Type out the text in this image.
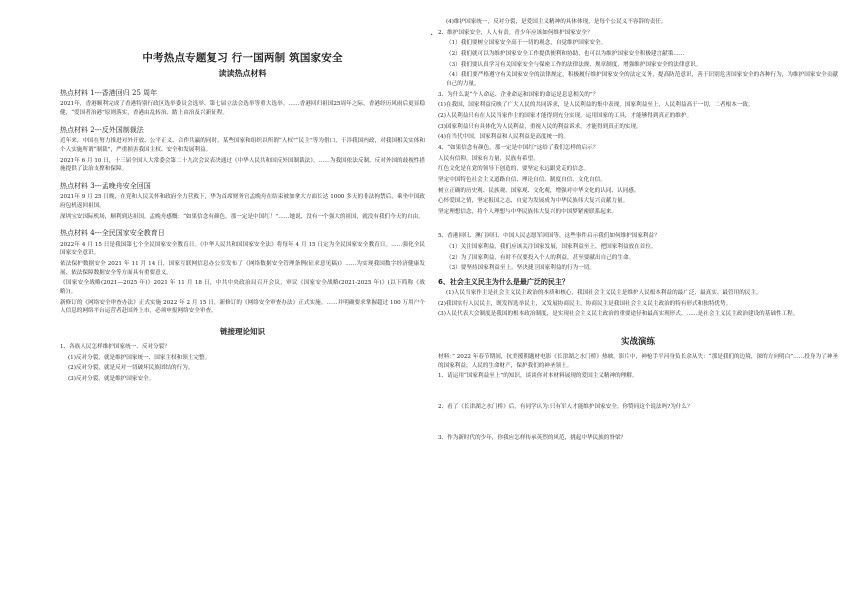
·
中考热点专题复习 行一国两制 筑国家安全
读读热点材料
热点材料 1---香港回归 25 周年
2021年，香港顺利完成了香港特别行政区选举委员会选举、第七届立法会选举等重大选举。……香港回归祖国25周年之际，香港经历风雨后更显稳健，“爱国者治港”原则落实，香港由乱转治、踏上由治及兴新征程。
热点材料 2---反外国制裁法
近年来，中国在努力推进对外开放、公平正义、合作共赢的同时，某些国家和组织以所谓“人权”“民主”等为借口，干涉我国内政，对我国相关实体和个人实施所谓“制裁”，严重损害我国主权、安全和发展利益。
2021年 6 月 10 日，十三届全国人大常委会第二十九次会议表决通过《中华人民共和国反外国制裁法》。……为我国依法反制、反对外国的歧视性措施提供了法治支撑和保障。
热点材料 3---孟晚舟安全回国
2021年 9 月 25 日晚，在党和人民关怀和政府全力营救下，华为首席财务官孟晚舟在结束被加拿大方面长达 1000 多天的非法拘禁后，乘坐中国政府包机返回祖国。
深圳宝安国际机场，顺利到达祖国。孟晚舟感慨：“如果信念有颜色，那一定是中国红！”……她说，没有一个强大的祖国，就没有我们今天的自由。
热点材料 4---全民国家安全教育日
2022年 4 月 15 日是我国第七个全民国家安全教育日。《中华人民共和国国家安全法》将每年 4 月 15 日定为全民国家安全教育日。……强化全民国家安全意识。
依法保护数据安全 2021 年 11 月 14 日，国家互联网信息办公室发布了《网络数据安全管理条例(征求意见稿)》……为实现我国数字经济健康发展、依法保障数据安全等方面具有重要意义。
《国家安全战略(2021—2025 年)》2021 年 11 月 18 日，中共中央政治局召开会议，审议《国家安全战略(2021-2025 年)》(以下简称《战略》)。
新修订的《网络安全审查办法》正式实施 2022 年 2 月 15 日，新修订的《网络安全审查办法》正式实施。……并明确要求掌握超过 100 万用户个人信息的网络平台运营者赴国外上市，必须申报网络安全审查。
链接理论知识
1、各族人民怎样维护国家统一、反对分裂？
(1)反对分裂，就是维护国家统一、国家主权和领土完整。
(2)反对分裂，就是反对一切破坏民族团结的行为。
(3)反对分裂，就是维护国家安全。
(4)维护国家统一，反对分裂，是爱国主义精神的具体体现，是每个公民义不容辞的责任。
2、维护国家安全，人人有责。青少年应该如何维护国家安全？
（1）我们要树立国家安全高于一切的观念，自觉维护国家安全。
（2）我们就可以为维护国家安全工作提供便利和协助，也可以为维护国家安全积极建言献策……
（3）我们要认真学习有关国家安全与保密工作的法律法规、规章制度，增强维护国家安全的法律意识。
（4）我们要严格遵守有关国家安全的法律规定，积极履行维护国家安全的法定义务，提高防范意识，善于识别危害国家安全的各种行为，为维护国家安全贡献自己的力量。
3、为什么说“个人命运、企业命运和国家的命运是息息相关的”？
(1)在我国，国家利益反映了广大人民的共同诉求，是人民利益的集中表现。国家利益至上，人民利益高于一切，二者根本一致。
(2)人民利益只有在人民当家作主的国家才能得到充分实现，运用国家的工具，才能够得到真正的维护。
(3)国家利益只有具体化为人民利益，重视人民的利益诉求，才能得到真正的实现。
(4)在当代中国，国家利益和人民利益是高度统一的。
4、“如果信念有颜色，那一定是中国红”这给了我们怎样的启示？
人民有信仰，国家有力量，民族有希望。
红色文化是在党的领导下创造的，要坚定永远跟党走的信念。
坚定中国特色社会主义道路自信、理论自信、制度自信、文化自信。
树立正确的历史观、民族观、国家观、文化观，增强对中华文化的认同、认同感。
心怀爱国之情，坚定报国之志，自觉为发展成为中华民族伟大复兴贡献力量。
坚定理想信念，将个人理想与中华民族伟大复兴的中国梦紧密联系起来。
5、香港回归、澳门回归、中国人民志愿军回国等，这些事件启示我们如何维护国家利益？
（1）关注国家利益，我们应该关注国家发展，国家利益至上，把国家利益放在首位。
（2）为了国家利益，有时不仅要投入个人的利益，甚至要献出自己的生命。
（3）要坚持国家利益至上，坚决捷卫国家利益的行为一切。
6、社会主义民主为什么是最广泛的民主？
(1)人民当家作主是社会主义民主政治的本质和核心，我国社会主义民主是维护人民根本利益的最广泛、最真实、最管用的民主。
(2)我国实行人民民主，既发挥选举民主，又发展协商民主。协商民主是我国社会主义民主政治的特有形式和独特优势。
(3)人民代表大会制度是我国的根本政治制度，是实现社会主义民主政治的重要途径和最高实现形式。……是社会主义民主政治建设的基础性工程。
实战演练
材料：” 2022 年春节期间，抗美援朝题材电影《长津湖之水门桥》热映。影片中，神枪手平河身负长余从失：“那是我们的边境，深的方向明白”……投身为了神圣的国家利益，人民的生命财产，保护我们的神圣领土。
1、请运用“国家利益至上”的知识，谈谈你对本材料展现的爱国主义精神的理解。
2、看了《长津湖之水门桥》后，有同学认为:只有军人才能维护国家安全。你赞同这个说法吗?为什么？
3、作为新时代的少年，你我应怎样传承英烈的风范，挑起中华民族的脊梁？
